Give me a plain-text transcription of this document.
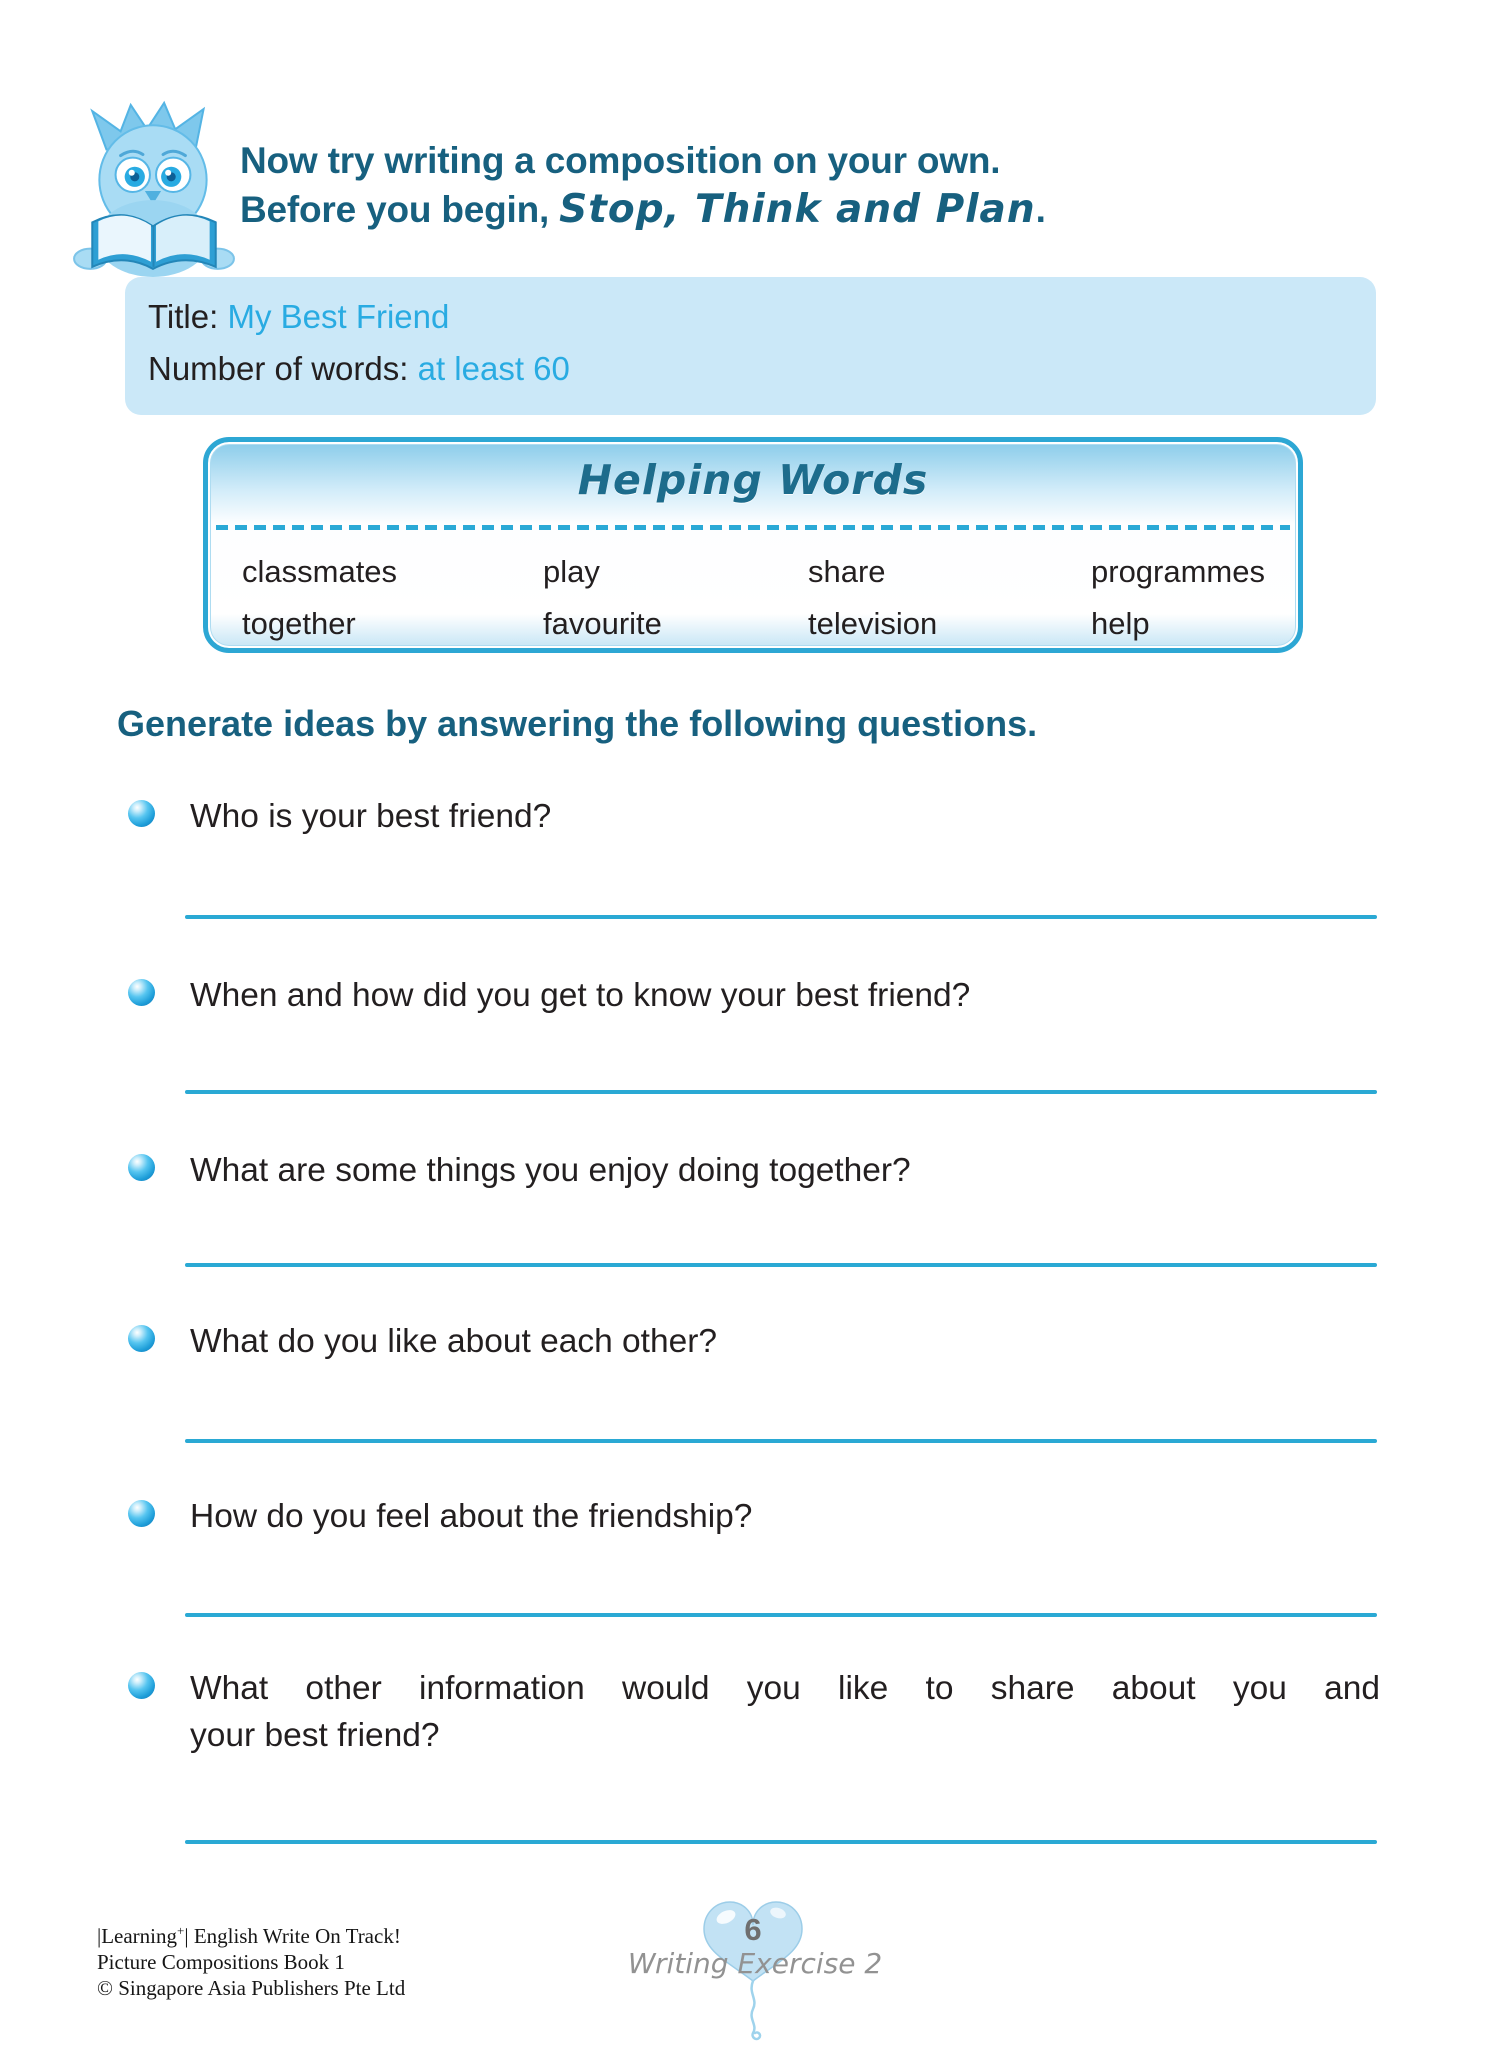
Now try writing a composition on your own.
Before you begin, Stop, Think and Plan.
Title: My Best Friend
Number of words: at least 60
Helping Words
classmates	play	share	programmes
together	favourite	television	help
Generate ideas by answering the following questions.

Who is your best friend?

When and how did you get to know your best friend?

What are some things you enjoy doing together?

What do you like about each other?

How do you feel about the friendship?

What other information would you like to share about you and
your best friend?

|Learning+| English Write On Track!
Picture Compositions Book 1
© Singapore Asia Publishers Pte Ltd
6
Writing Exercise 2
